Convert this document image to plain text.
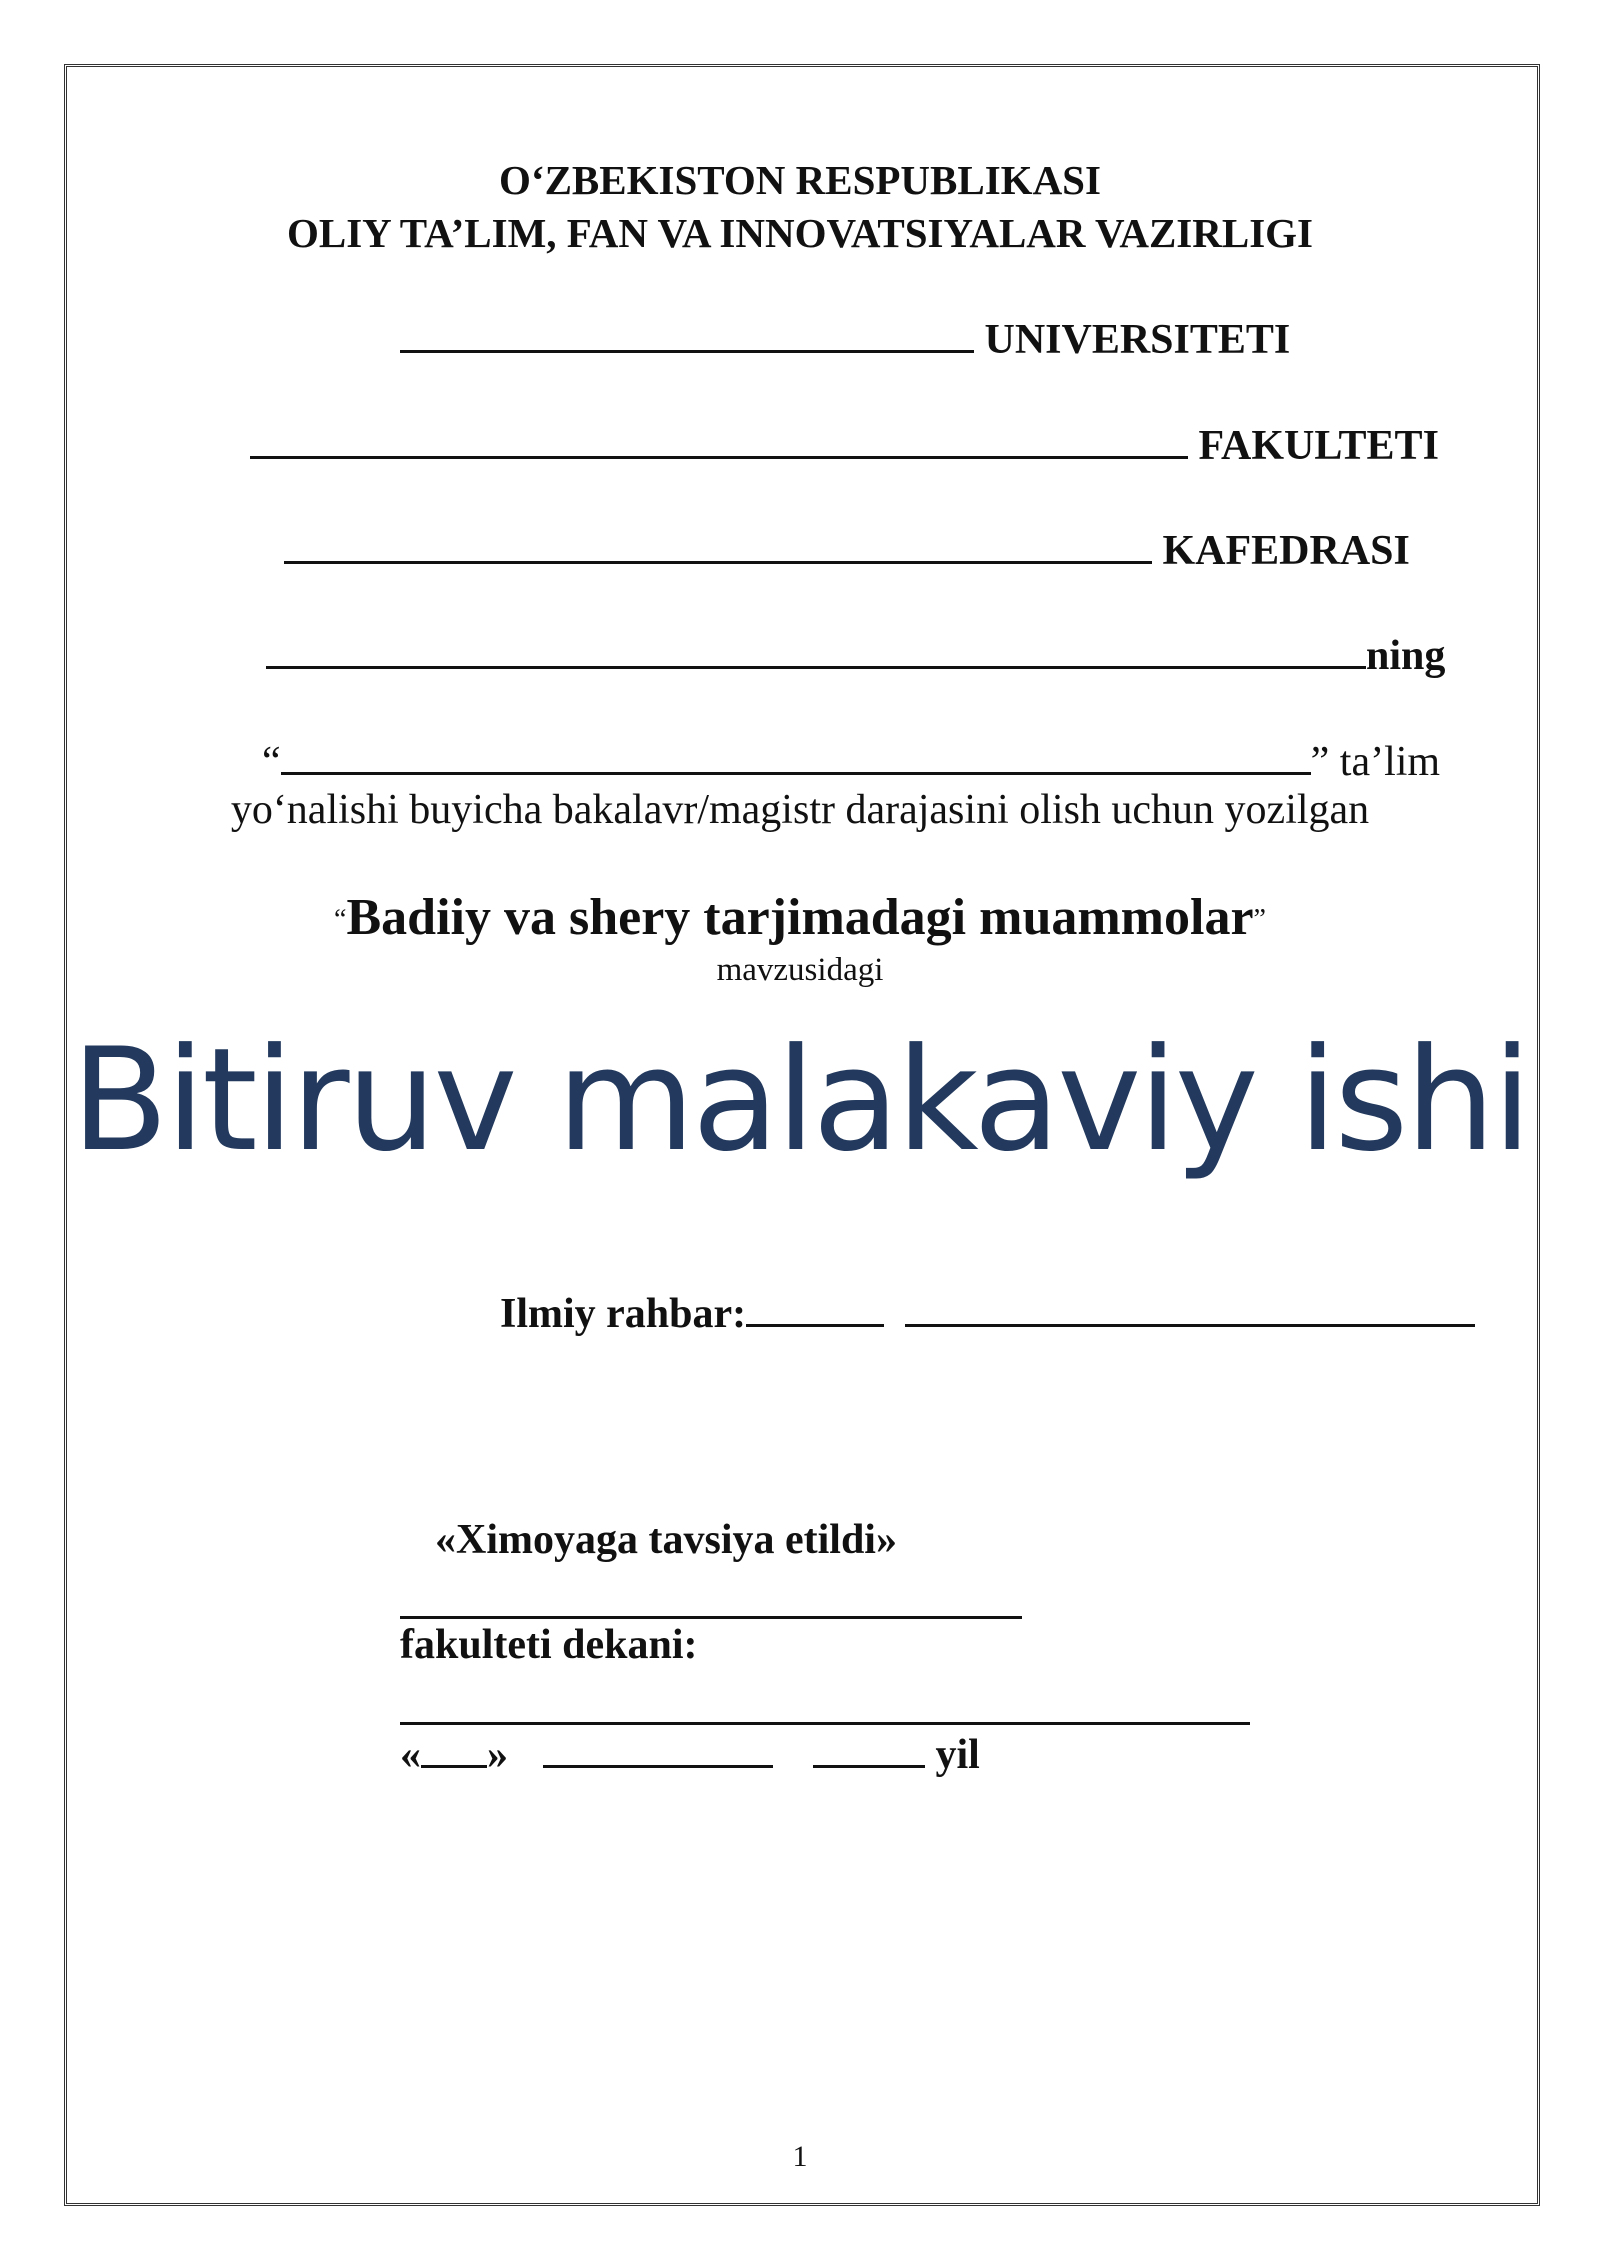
O‘ZBEKISTON RESPUBLIKASI
OLIY TA’LIM, FAN VA INNOVATSIYALAR VAZIRLIGI
UNIVERSITETI
FAKULTETI
KAFEDRASI
ning
“	” ta’lim
yo‘nalishi buyicha bakalavr/magistr darajasini olish uchun yozilgan
“Badiiy va shery tarjimadagi muammolar”
mavzusidagi
Bitiruv malakaviy ishi
Ilmiy rahbar:
«Ximoyaga tavsiya etildi»
fakulteti dekani:
« »	yil
1
